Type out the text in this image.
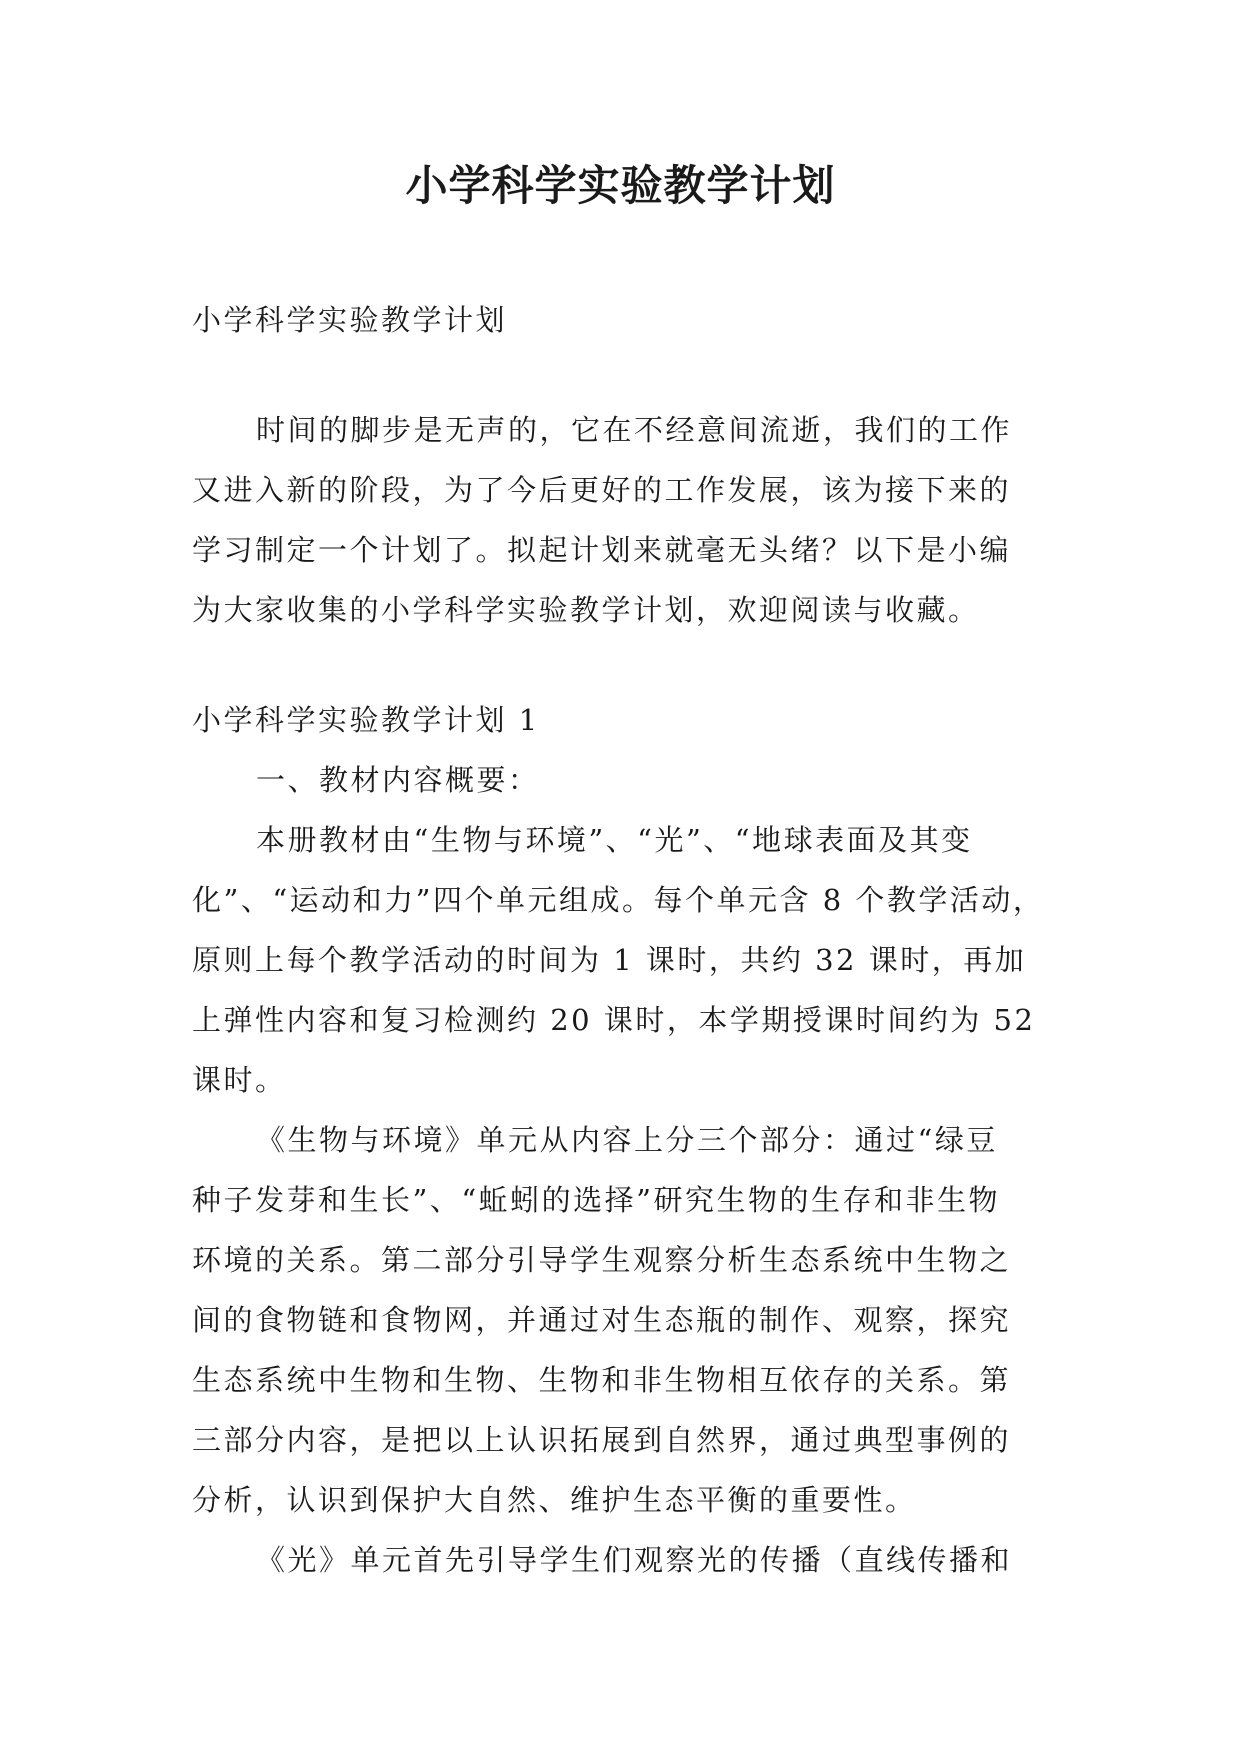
小学科学实验教学计划

小学科学实验教学计划

时间的脚步是无声的，它在不经意间流逝，我们的工作

又进入新的阶段，为了今后更好的工作发展，该为接下来的

学习制定一个计划了。拟起计划来就毫无头绪？以下是小编

为大家收集的小学科学实验教学计划，欢迎阅读与收藏。

小学科学实验教学计划 1

一、教材内容概要：

本册教材由“生物与环境”、“光”、“地球表面及其变

化”、“运动和力”四个单元组成。每个单元含 8 个教学活动，

原则上每个教学活动的时间为 1 课时，共约 32 课时，再加

上弹性内容和复习检测约 20 课时，本学期授课时间约为 52

课时。

《生物与环境》单元从内容上分三个部分：通过“绿豆

种子发芽和生长”、“蚯蚓的选择”研究生物的生存和非生物

环境的关系。第二部分引导学生观察分析生态系统中生物之

间的食物链和食物网，并通过对生态瓶的制作、观察，探究

生态系统中生物和生物、生物和非生物相互依存的关系。第

三部分内容，是把以上认识拓展到自然界，通过典型事例的

分析，认识到保护大自然、维护生态平衡的重要性。

《光》单元首先引导学生们观察光的传播（直线传播和
